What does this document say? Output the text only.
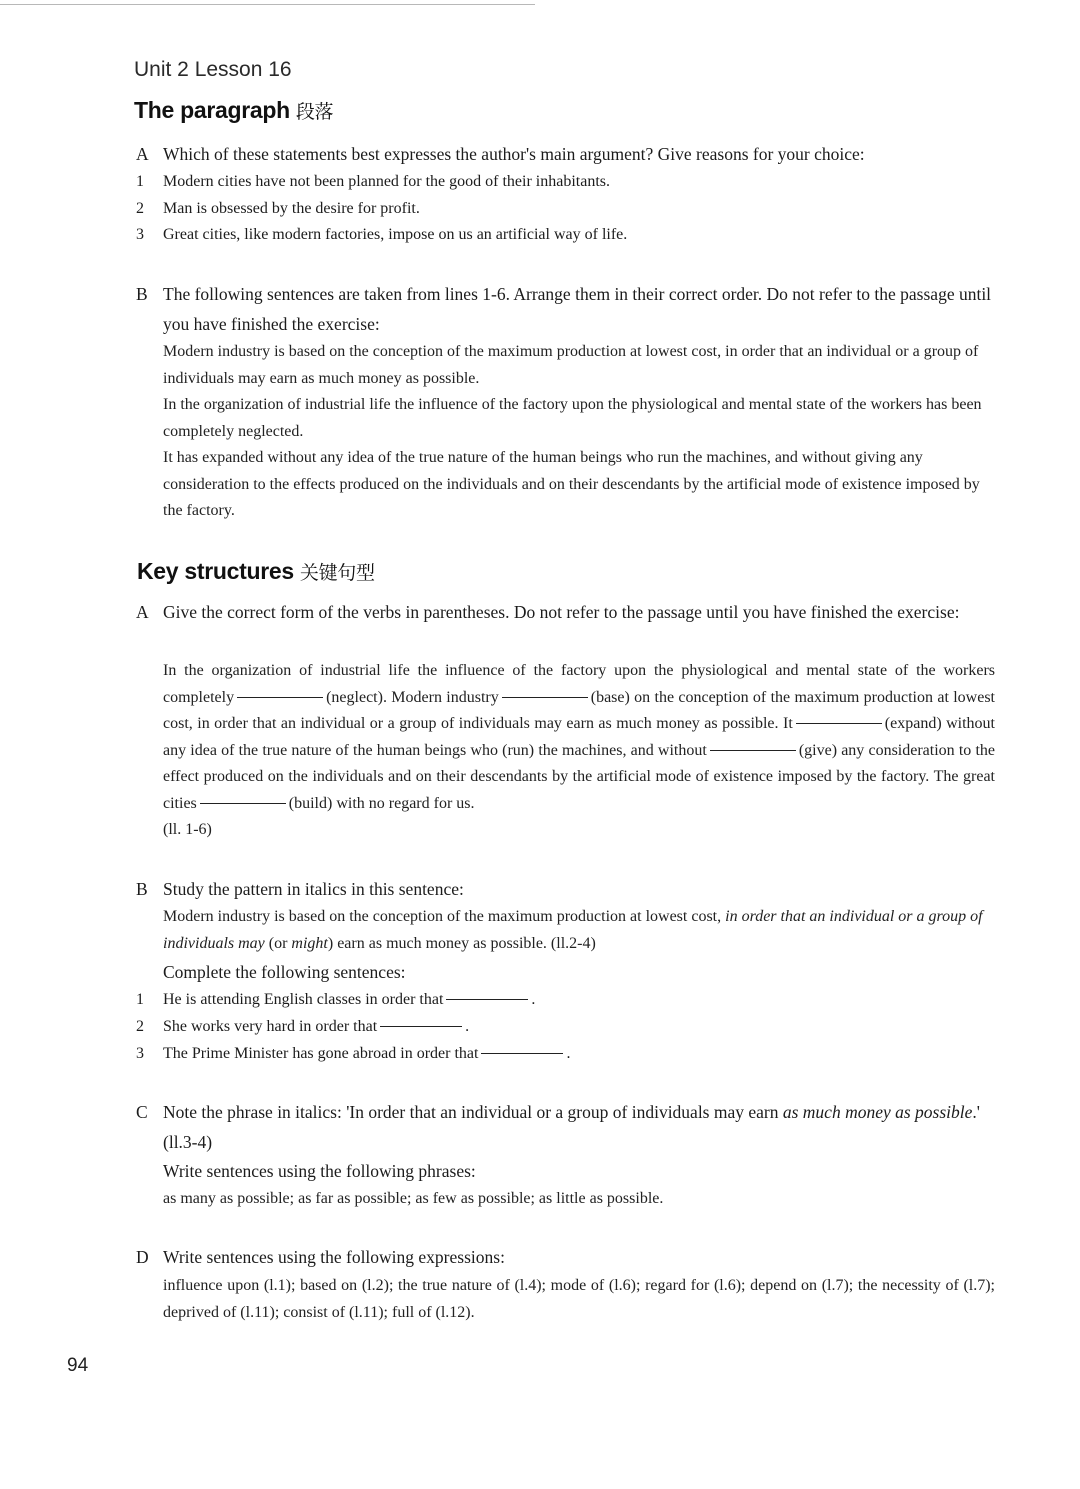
Unit 2 Lesson 16
The paragraph 段落
A Which of these statements best expresses the author's main argument? Give reasons for your choice:
1 Modern cities have not been planned for the good of their inhabitants.
2 Man is obsessed by the desire for profit.
3 Great cities, like modern factories, impose on us an artificial way of life.
B The following sentences are taken from lines 1-6. Arrange them in their correct order. Do not refer to the passage until you have finished the exercise:
Modern industry is based on the conception of the maximum production at lowest cost, in order that an individual or a group of individuals may earn as much money as possible.
In the organization of industrial life the influence of the factory upon the physiological and mental state of the workers has been completely neglected.
It has expanded without any idea of the true nature of the human beings who run the machines, and without giving any consideration to the effects produced on the individuals and on their descendants by the artificial mode of existence imposed by the factory.
Key structures 关键句型
A Give the correct form of the verbs in parentheses. Do not refer to the passage until you have finished the exercise:
In the organization of industrial life the influence of the factory upon the physiological and mental state of the workers completely	(neglect). Modern industry	(base) on the conception of the maximum production at lowest cost, in order that an individual or a group of individuals may earn as much money as possible. It	(expand) without any idea of the true nature of the human beings who (run) the machines, and without	(give) any consideration to the effect produced on the individuals and on their descendants by the artificial mode of existence imposed by the factory. The great cities	(build) with no regard for us.
(ll. 1-6)
B Study the pattern in italics in this sentence:
Modern industry is based on the conception of the maximum production at lowest cost, in order that an individual or a group of individuals may (or might) earn as much money as possible. (ll.2-4)
Complete the following sentences:
1 He is attending English classes in order that	.
2 She works very hard in order that	.
3 The Prime Minister has gone abroad in order that	.
C Note the phrase in italics: 'In order that an individual or a group of individuals may earn as much money as possible.' (ll.3-4)
Write sentences using the following phrases:
as many as possible; as far as possible; as few as possible; as little as possible.
D Write sentences using the following expressions:
influence upon (l.1); based on (l.2); the true nature of (l.4); mode of (l.6); regard for (l.6); depend on (l.7); the necessity of (l.7); deprived of (l.11); consist of (l.11); full of (l.12).
94
